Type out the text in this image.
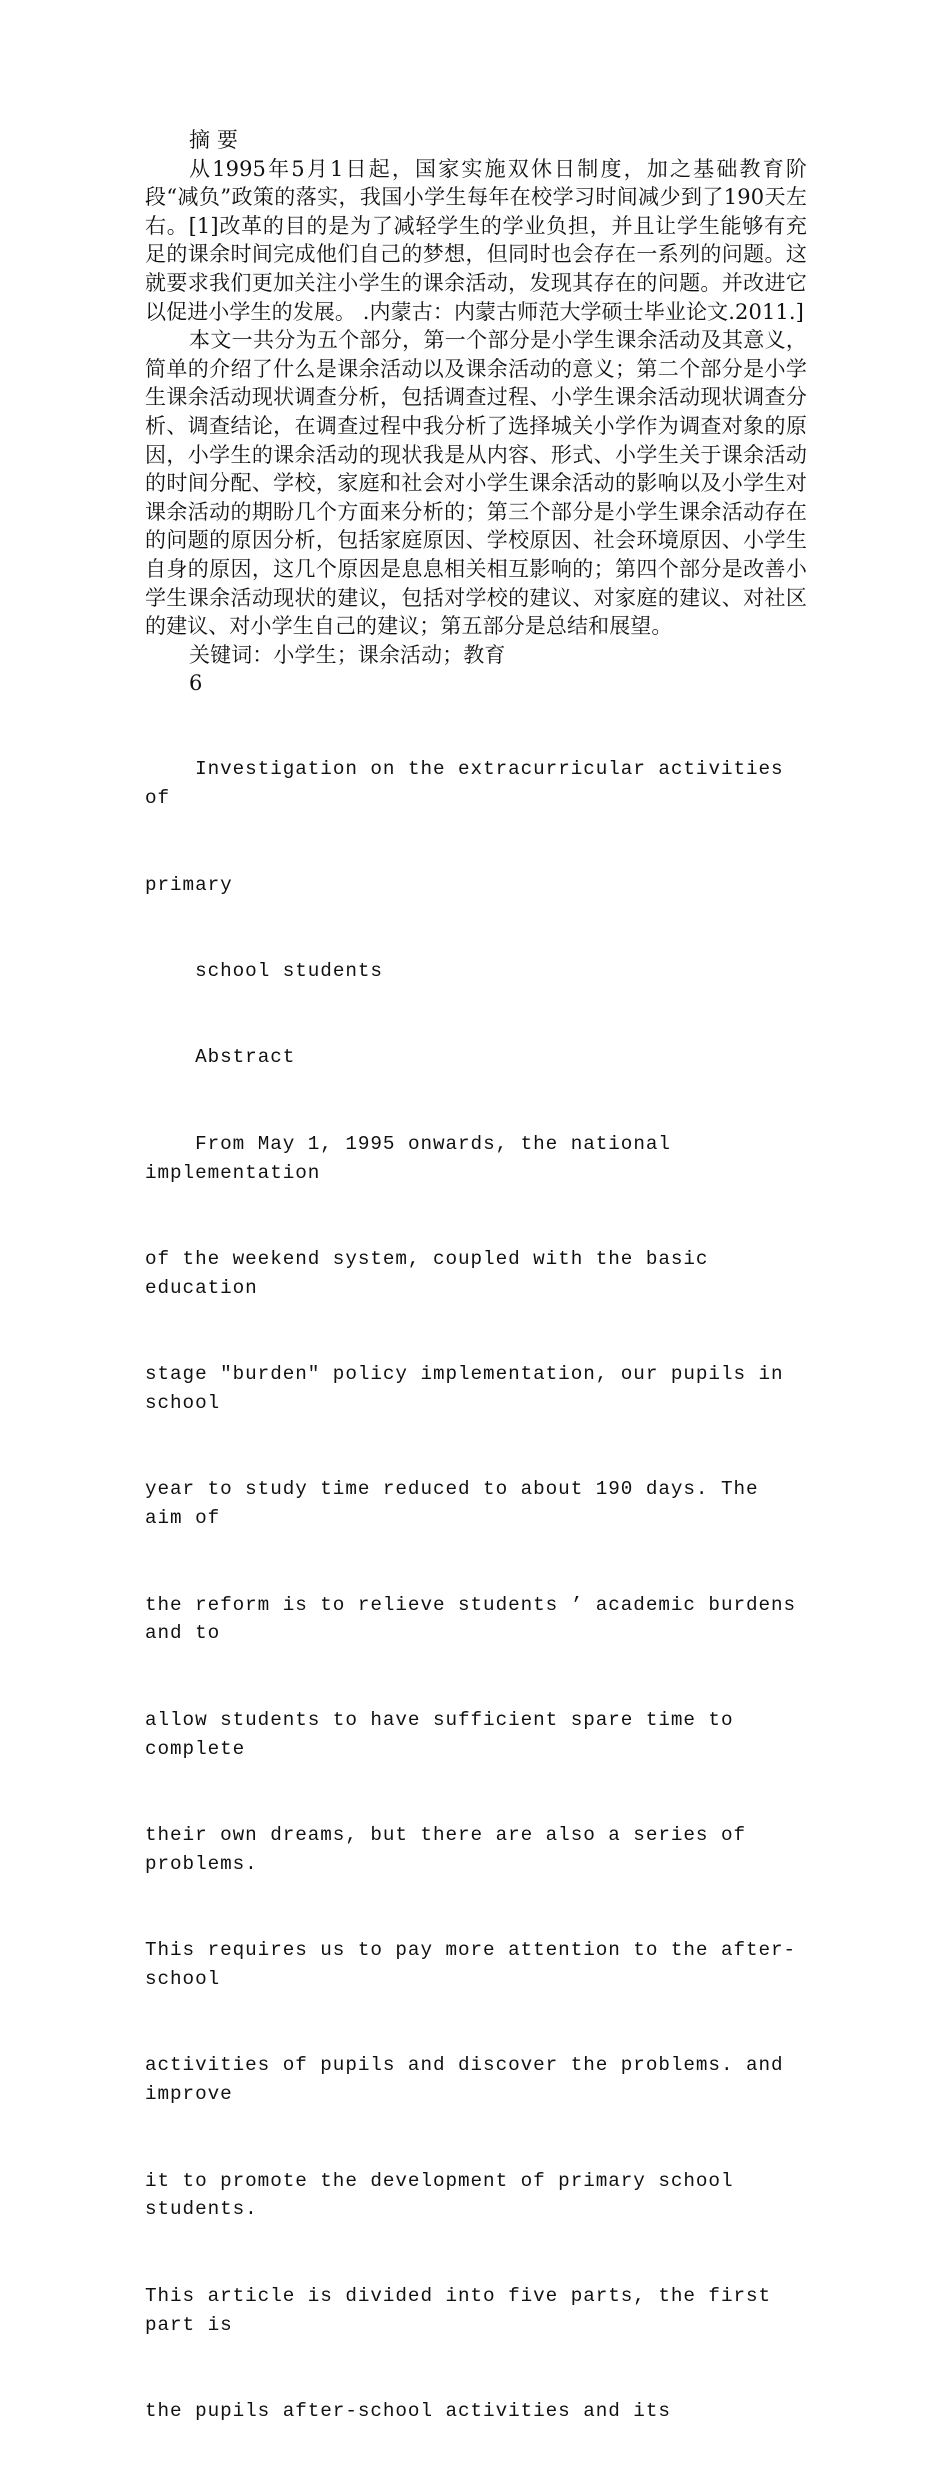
摘 要

从1995年5月1日起，国家实施双休日制度，加之基础教育阶段“减负”政策的落实，我国小学生每年在校学习时间减少到了190天左右。[1]改革的目的是为了减轻学生的学业负担，并且让学生能够有充足的课余时间完成他们自己的梦想，但同时也会存在一系列的问题。这就要求我们更加关注小学生的课余活动，发现其存在的问题。并改进它以促进小学生的发展。 .内蒙古：内蒙古师范大学硕士毕业论文.2011.]

本文一共分为五个部分，第一个部分是小学生课余活动及其意义，简单的介绍了什么是课余活动以及课余活动的意义；第二个部分是小学生课余活动现状调查分析，包括调查过程、小学生课余活动现状调查分析、调查结论，在调查过程中我分析了选择城关小学作为调查对象的原因，小学生的课余活动的现状我是从内容、形式、小学生关于课余活动的时间分配、学校，家庭和社会对小学生课余活动的影响以及小学生对课余活动的期盼几个方面来分析的；第三个部分是小学生课余活动存在的问题的原因分析，包括家庭原因、学校原因、社会环境原因、小学生自身的原因，这几个原因是息息相关相互影响的；第四个部分是改善小学生课余活动现状的建议，包括对学校的建议、对家庭的建议、对社区的建议、对小学生自己的建议；第五部分是总结和展望。

关键词：小学生；课余活动；教育

6

Investigation on the extracurricular activities of

primary

school students

Abstract

From May 1, 1995 onwards, the national implementation

of the weekend system, coupled with the basic education

stage "burden" policy implementation, our pupils in school

year to study time reduced to about 190 days. The aim of

the reform is to relieve students ’ academic burdens and to

allow students to have sufficient spare time to complete

their own dreams, but there are also a series of problems.

This requires us to pay more attention to the after-school

activities of pupils and discover the problems. and improve

it to promote the development of primary school students.

This article is divided into five parts, the first part is

the pupils after-school activities and its
